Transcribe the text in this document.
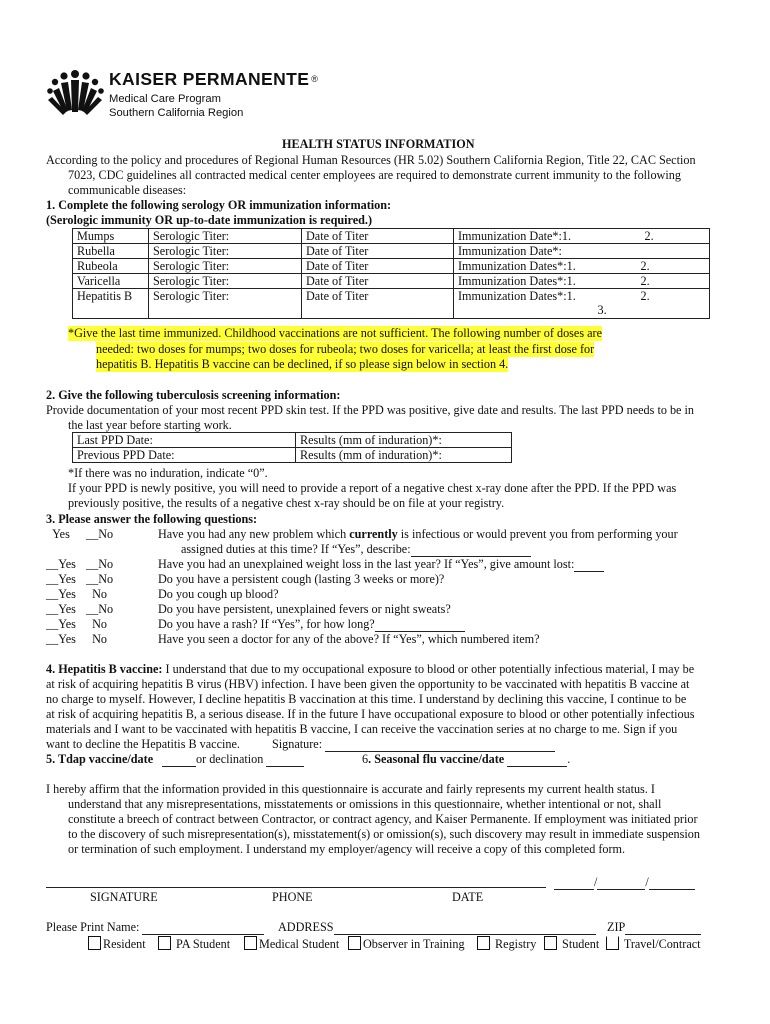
KAISER PERMANENTE ®
Medical Care Program
Southern California Region
HEALTH STATUS INFORMATION
According to the policy and procedures of Regional Human Resources (HR 5.02) Southern California Region, Title 22, CAC Section
7023, CDC guidelines all contracted medical center employees are required to demonstrate current immunity to the following
communicable diseases:
1. Complete the following serology OR immunization information:
(Serologic immunity OR up-to-date immunization is required.)
Mumps	Serologic Titer:	Date of Titer	Immunization Date*:1. 2.

Rubella	Serologic Titer:	Date of Titer	Immunization Date*:
Rubeola	Serologic Titer:	Date of Titer	Immunization Dates*:1. 2.

Varicella	Serologic Titer:	Date of Titer	Immunization Dates*:1. 2.

Hepatitis B	Serologic Titer:	Date of Titer	Immunization Dates*:1. 2.

3.
*Give the last time immunized. Childhood vaccinations are not sufficient. The following number of doses are
needed: two doses for mumps; two doses for rubeola; two doses for varicella; at least the first dose for
hepatitis B. Hepatitis B vaccine can be declined, if so please sign below in section 4.
2. Give the following tuberculosis screening information:
Provide documentation of your most recent PPD skin test. If the PPD was positive, give date and results. The last PPD needs to be in
the last year before starting work.
Last PPD Date:	Results (mm of induration)*:
Previous PPD Date:	Results (mm of induration)*:
*If there was no induration, indicate “0”.
If your PPD is newly positive, you will need to provide a report of a negative chest x-ray done after the PPD. If the PPD was
previously positive, the results of a negative chest x-ray should be on file at your registry.
3. Please answer the following questions:
Yes __No	Have you had any new problem which currently is infectious or would prevent you from performing your
assigned duties at this time? If “Yes”, describe:
__Yes __No	Have you had an unexplained weight loss in the last year? If “Yes”, give amount lost:
__Yes __No	Do you have a persistent cough (lasting 3 weeks or more)?
__Yes	No	Do you cough up blood?
__Yes __No	Do you have persistent, unexplained fevers or night sweats?
__Yes	No	Do you have a rash? If “Yes”, for how long?
__Yes	No	Have you seen a doctor for any of the above? If “Yes”, which numbered item?
4. Hepatitis B vaccine: I understand that due to my occupational exposure to blood or other potentially infectious material, I may be
at risk of acquiring hepatitis B virus (HBV) infection. I have been given the opportunity to be vaccinated with hepatitis B vaccine at
no charge to myself. However, I decline hepatitis B vaccination at this time. I understand by declining this vaccine, I continue to be
at risk of acquiring hepatitis B, a serious disease. If in the future I have occupational exposure to blood or other potentially infectious
materials and I want to be vaccinated with hepatitis B vaccine, I can receive the vaccination series at no charge to me. Sign if you
want to decline the Hepatitis B vaccine.	Signature:
5. Tdap vaccine/date	or declination	6. Seasonal flu vaccine/date	.
I hereby affirm that the information provided in this questionnaire is accurate and fairly represents my current health status. I
understand that any misrepresentations, misstatements or omissions in this questionnaire, whether intentional or not, shall
constitute a breech of contract between Contractor, or contract agency, and Kaiser Permanente. If employment was initiated prior
to the discovery of such misrepresentation(s), misstatement(s) or omission(s), such discovery may result in immediate suspension
or termination of such employment. I understand my employer/agency will receive a copy of this completed form.
/	/
SIGNATURE	PHONE	DATE
Please Print Name:	ADDRESS	ZIP
Resident	PA Student	Medical Student	Observer in Training	Registry	Student	Travel/Contract
